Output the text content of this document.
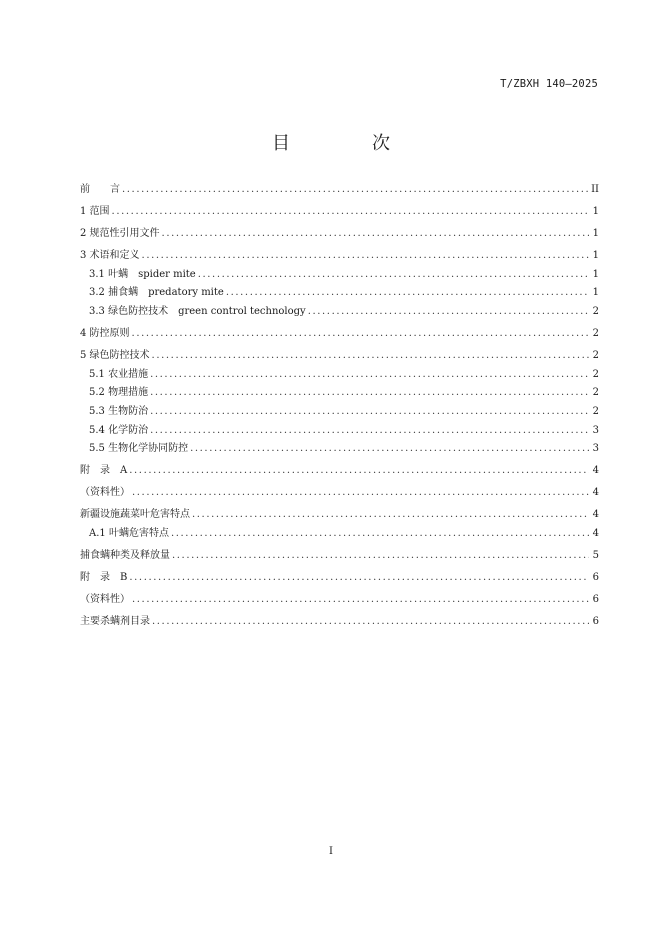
T/ZBXH 140—2025
目　次
前　　言 .....	II
1 范围 .....	1
2 规范性引用文件 .....	1
3 术语和定义 .....	1
3.1 叶螨　spider mite .....	1
3.2 捕食螨　predatory mite .....	1
3.3 绿色防控技术　green control technology .....	2
4 防控原则 .....	2
5 绿色防控技术 .....	2
5.1 农业措施 .....	2
5.2 物理措施 .....	2
5.3 生物防治 .....	2
5.4 化学防治 .....	3
5.5 生物化学协同防控 .....	3
附　录　A .....	4
（资料性） .....	4
新疆设施蔬菜叶危害特点 .....	4
A.1 叶螨危害特点 .....	4
捕食螨种类及释放量 .....	5
附　录　B .....	6
（资料性） .....	6
主要杀螨剂目录 .....	6
I
